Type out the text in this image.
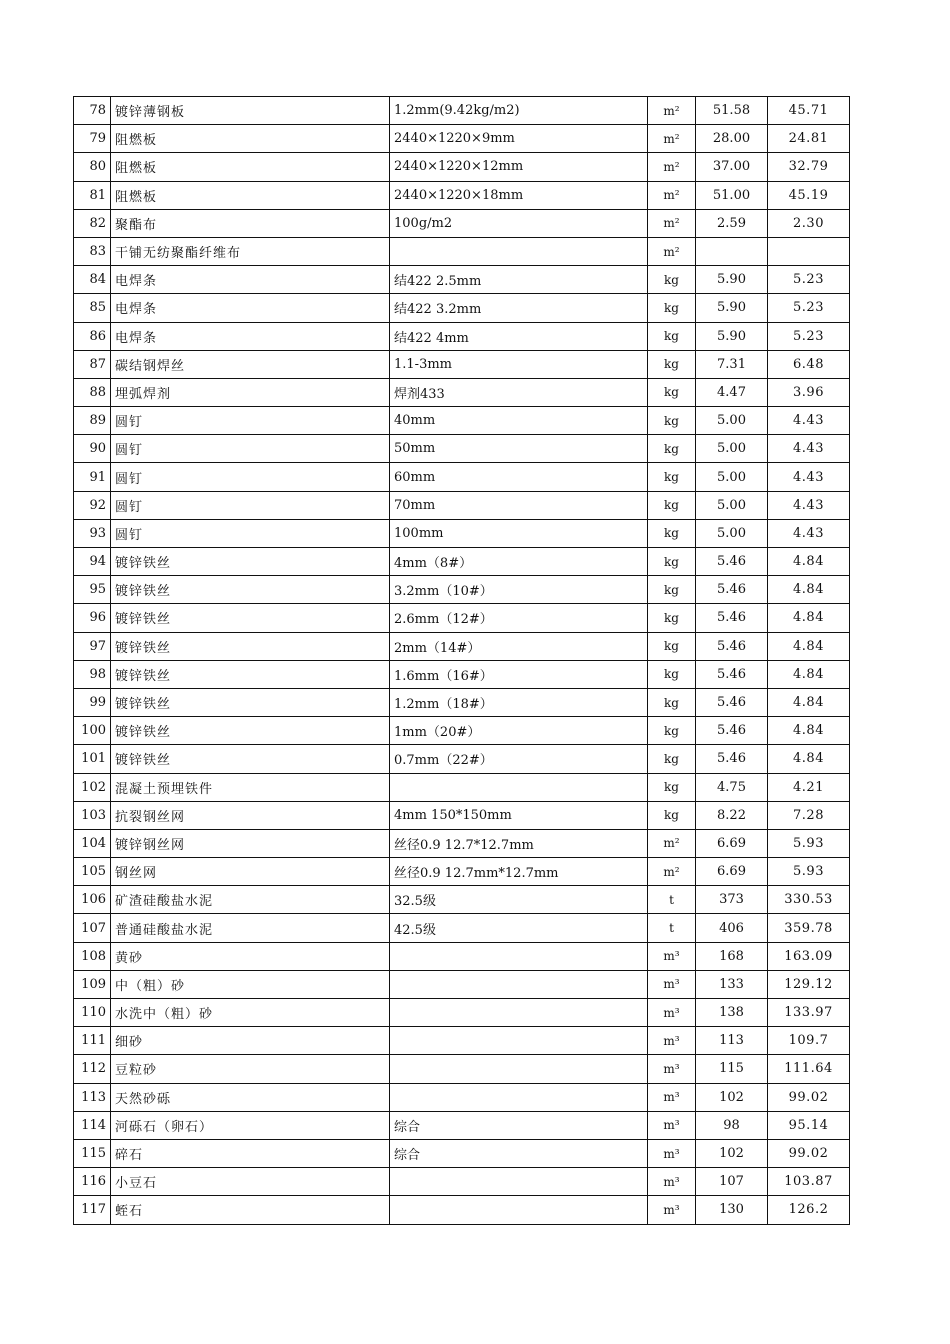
78	镀锌薄钢板	1.2mm(9.42kg/m2)	m²	51.58	45.71
79	阻燃板	2440×1220×9mm	m²	28.00	24.81
80	阻燃板	2440×1220×12mm	m²	37.00	32.79
81	阻燃板	2440×1220×18mm	m²	51.00	45.19
82	聚酯布	100g/m2	m²	2.59	2.30
83	干铺无纺聚酯纤维布		m²		
84	电焊条	结422 2.5mm	kg	5.90	5.23
85	电焊条	结422 3.2mm	kg	5.90	5.23
86	电焊条	结422 4mm	kg	5.90	5.23
87	碳结钢焊丝	1.1-3mm	kg	7.31	6.48
88	埋弧焊剂	焊剂433	kg	4.47	3.96
89	圆钉	40mm	kg	5.00	4.43
90	圆钉	50mm	kg	5.00	4.43
91	圆钉	60mm	kg	5.00	4.43
92	圆钉	70mm	kg	5.00	4.43
93	圆钉	100mm	kg	5.00	4.43
94	镀锌铁丝	4mm（8#）	kg	5.46	4.84
95	镀锌铁丝	3.2mm（10#）	kg	5.46	4.84
96	镀锌铁丝	2.6mm（12#）	kg	5.46	4.84
97	镀锌铁丝	2mm（14#）	kg	5.46	4.84
98	镀锌铁丝	1.6mm（16#）	kg	5.46	4.84
99	镀锌铁丝	1.2mm（18#）	kg	5.46	4.84
100	镀锌铁丝	1mm（20#）	kg	5.46	4.84
101	镀锌铁丝	0.7mm（22#）	kg	5.46	4.84
102	混凝土预埋铁件		kg	4.75	4.21
103	抗裂钢丝网	4mm 150*150mm	kg	8.22	7.28
104	镀锌钢丝网	丝径0.9 12.7*12.7mm	m²	6.69	5.93
105	钢丝网	丝径0.9 12.7mm*12.7mm	m²	6.69	5.93
106	矿渣硅酸盐水泥	32.5级	t	373	330.53
107	普通硅酸盐水泥	42.5级	t	406	359.78
108	黄砂		m³	168	163.09
109	中（粗）砂		m³	133	129.12
110	水洗中（粗）砂		m³	138	133.97
111	细砂		m³	113	109.7
112	豆粒砂		m³	115	111.64
113	天然砂砾		m³	102	99.02
114	河砾石（卵石）	综合	m³	98	95.14
115	碎石	综合	m³	102	99.02
116	小豆石		m³	107	103.87
117	蛭石		m³	130	126.2
